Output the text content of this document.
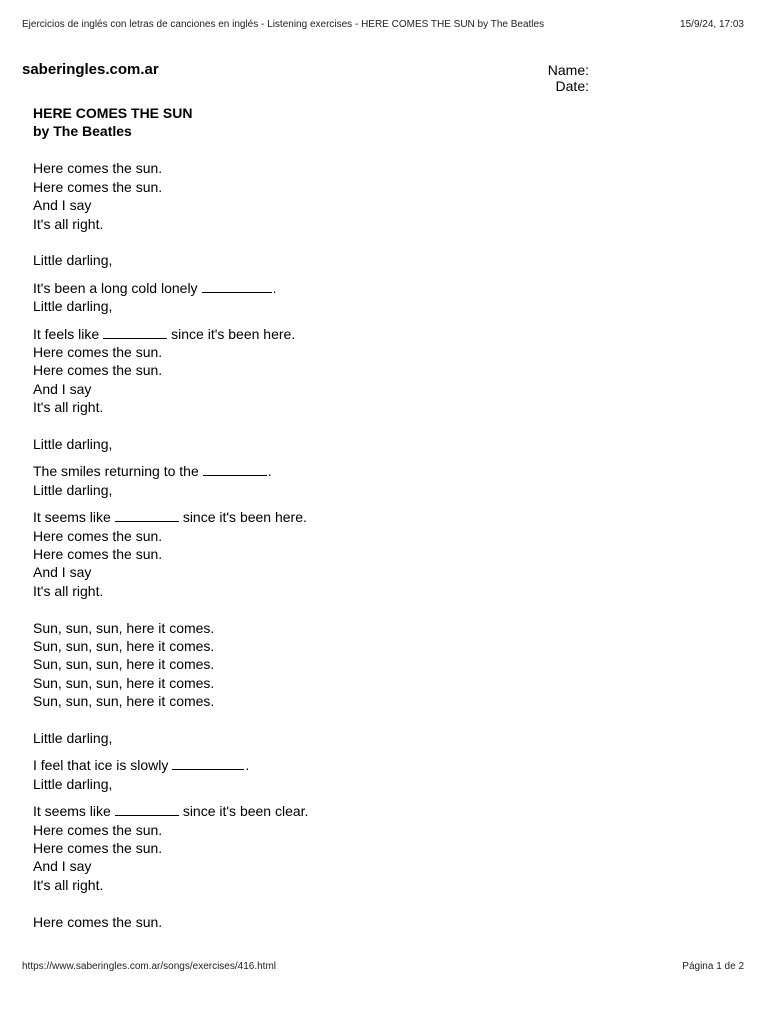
Ejercicios de inglés con letras de canciones en inglés - Listening exercises - HERE COMES THE SUN by The Beatles	15/9/24, 17:03
saberingles.com.ar	Name:
Date:
HERE COMES THE SUN
by The Beatles
Here comes the sun.
Here comes the sun.
And I say
It's all right.
Little darling,
It's been a long cold lonely	.
Little darling,
It feels like	since it's been here.
Here comes the sun.
Here comes the sun.
And I say
It's all right.
Little darling,
The smiles returning to the	.
Little darling,
It seems like	since it's been here.
Here comes the sun.
Here comes the sun.
And I say
It's all right.
Sun, sun, sun, here it comes.
Sun, sun, sun, here it comes.
Sun, sun, sun, here it comes.
Sun, sun, sun, here it comes.
Sun, sun, sun, here it comes.
Little darling,
I feel that ice is slowly	.
Little darling,
It seems like	since it's been clear.
Here comes the sun.
Here comes the sun.
And I say
It's all right.
Here comes the sun.
https://www.saberingles.com.ar/songs/exercises/416.html	Página 1 de 2
